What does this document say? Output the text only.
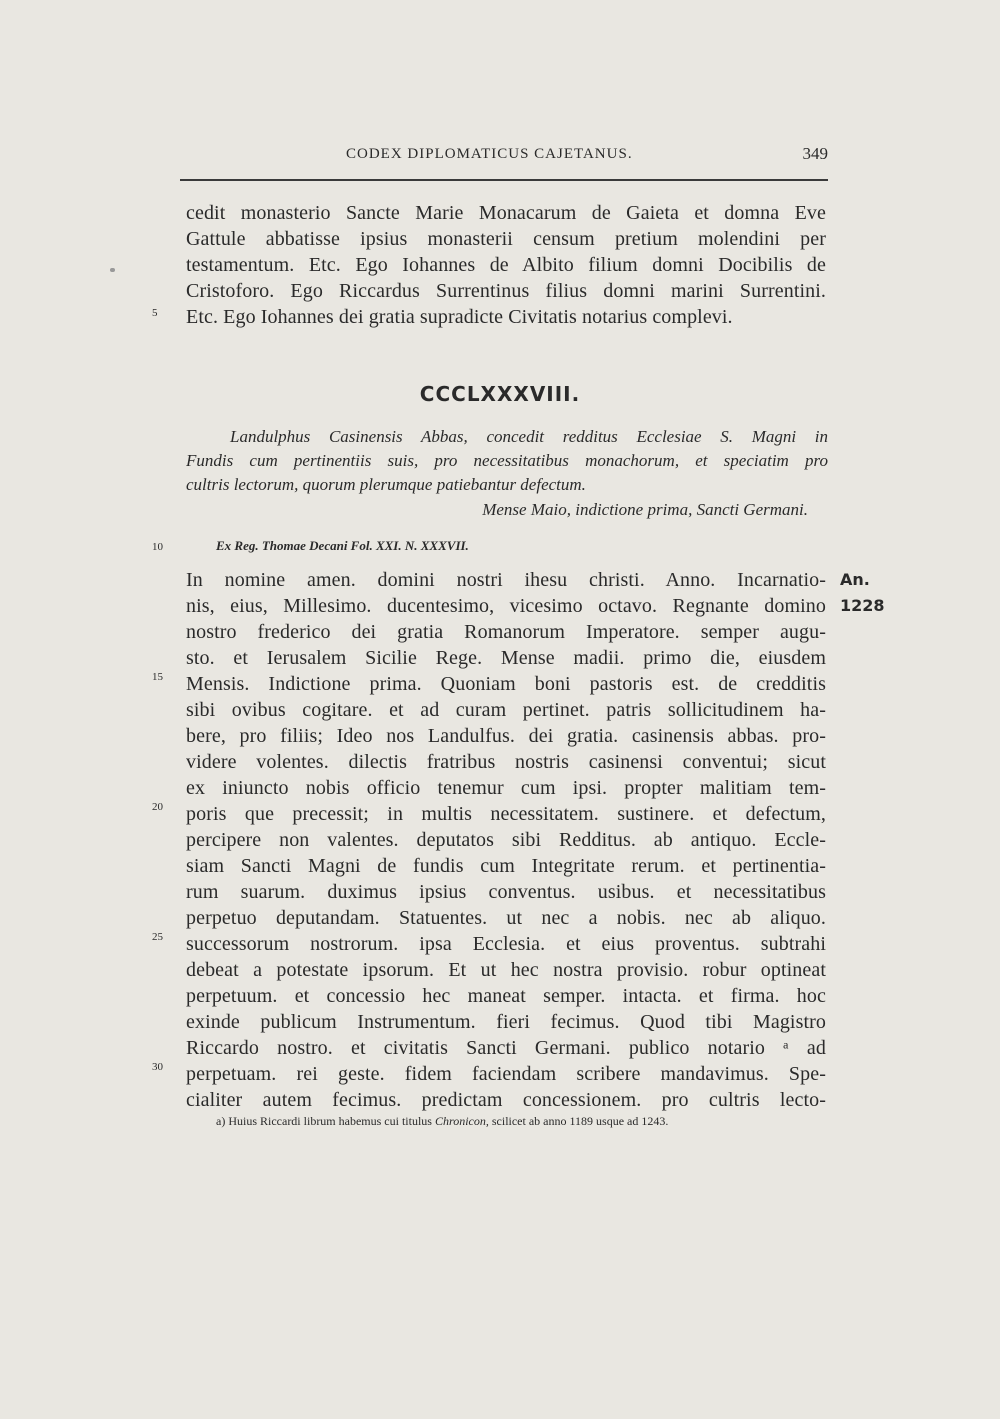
CODEX DIPLOMATICUS CAJETANUS.	349
cedit monasterio Sancte Marie Monacarum de Gaieta et domna Eve
Gattule abbatisse ipsius monasterii censum pretium molendini per
testamentum. Etc. Ego Iohannes de Albito filium domni Docibilis de
Cristoforo. Ego Riccardus Surrentinus filius domni marini Surrentini.
Etc. Ego Iohannes dei gratia supradicte Civitatis notarius complevi.
5
CCCLXXXVIII.
Landulphus Casinensis Abbas, concedit redditus Ecclesiae S. Magni in
Fundis cum pertinentiis suis, pro necessitatibus monachorum, et speciatim pro
cultris lectorum, quorum plerumque patiebantur defectum.
Mense Maio, indictione prima, Sancti Germani.
10	Ex Reg. Thomae Decani Fol. XXI. N. XXXVII.
An.
1228
In nomine amen. domini nostri ihesu christi. Anno. Incarnatio-
nis, eius, Millesimo. ducentesimo, vicesimo octavo. Regnante domino
nostro frederico dei gratia Romanorum Imperatore. semper augu-
sto. et Ierusalem Sicilie Rege. Mense madii. primo die, eiusdem
Mensis. Indictione prima. Quoniam boni pastoris est. de credditis
sibi ovibus cogitare. et ad curam pertinet. patris sollicitudinem ha-
bere, pro filiis; Ideo nos Landulfus. dei gratia. casinensis abbas. pro-
videre volentes. dilectis fratribus nostris casinensi conventui; sicut
ex iniuncto nobis officio tenemur cum ipsi. propter malitiam tem-
poris que precessit; in multis necessitatem. sustinere. et defectum,
percipere non valentes. deputatos sibi Redditus. ab antiquo. Eccle-
siam Sancti Magni de fundis cum Integritate rerum. et pertinentia-
rum suarum. duximus ipsius conventus. usibus. et necessitatibus
perpetuo deputandam. Statuentes. ut nec a nobis. nec ab aliquo.
successorum nostrorum. ipsa Ecclesia. et eius proventus. subtrahi
debeat a potestate ipsorum. Et ut hec nostra provisio. robur optineat
perpetuum. et concessio hec maneat semper. intacta. et firma. hoc
exinde publicum Instrumentum. fieri fecimus. Quod tibi Magistro
Riccardo nostro. et civitatis Sancti Germani. publico notario ᵃ ad
perpetuam. rei geste. fidem faciendam scribere mandavimus. Spe-
cialiter autem fecimus. predictam concessionem. pro cultris lecto-
15
20
25
30
a) Huius Riccardi librum habemus cui titulus Chronicon, scilicet ab anno 1189 usque ad 1243.
